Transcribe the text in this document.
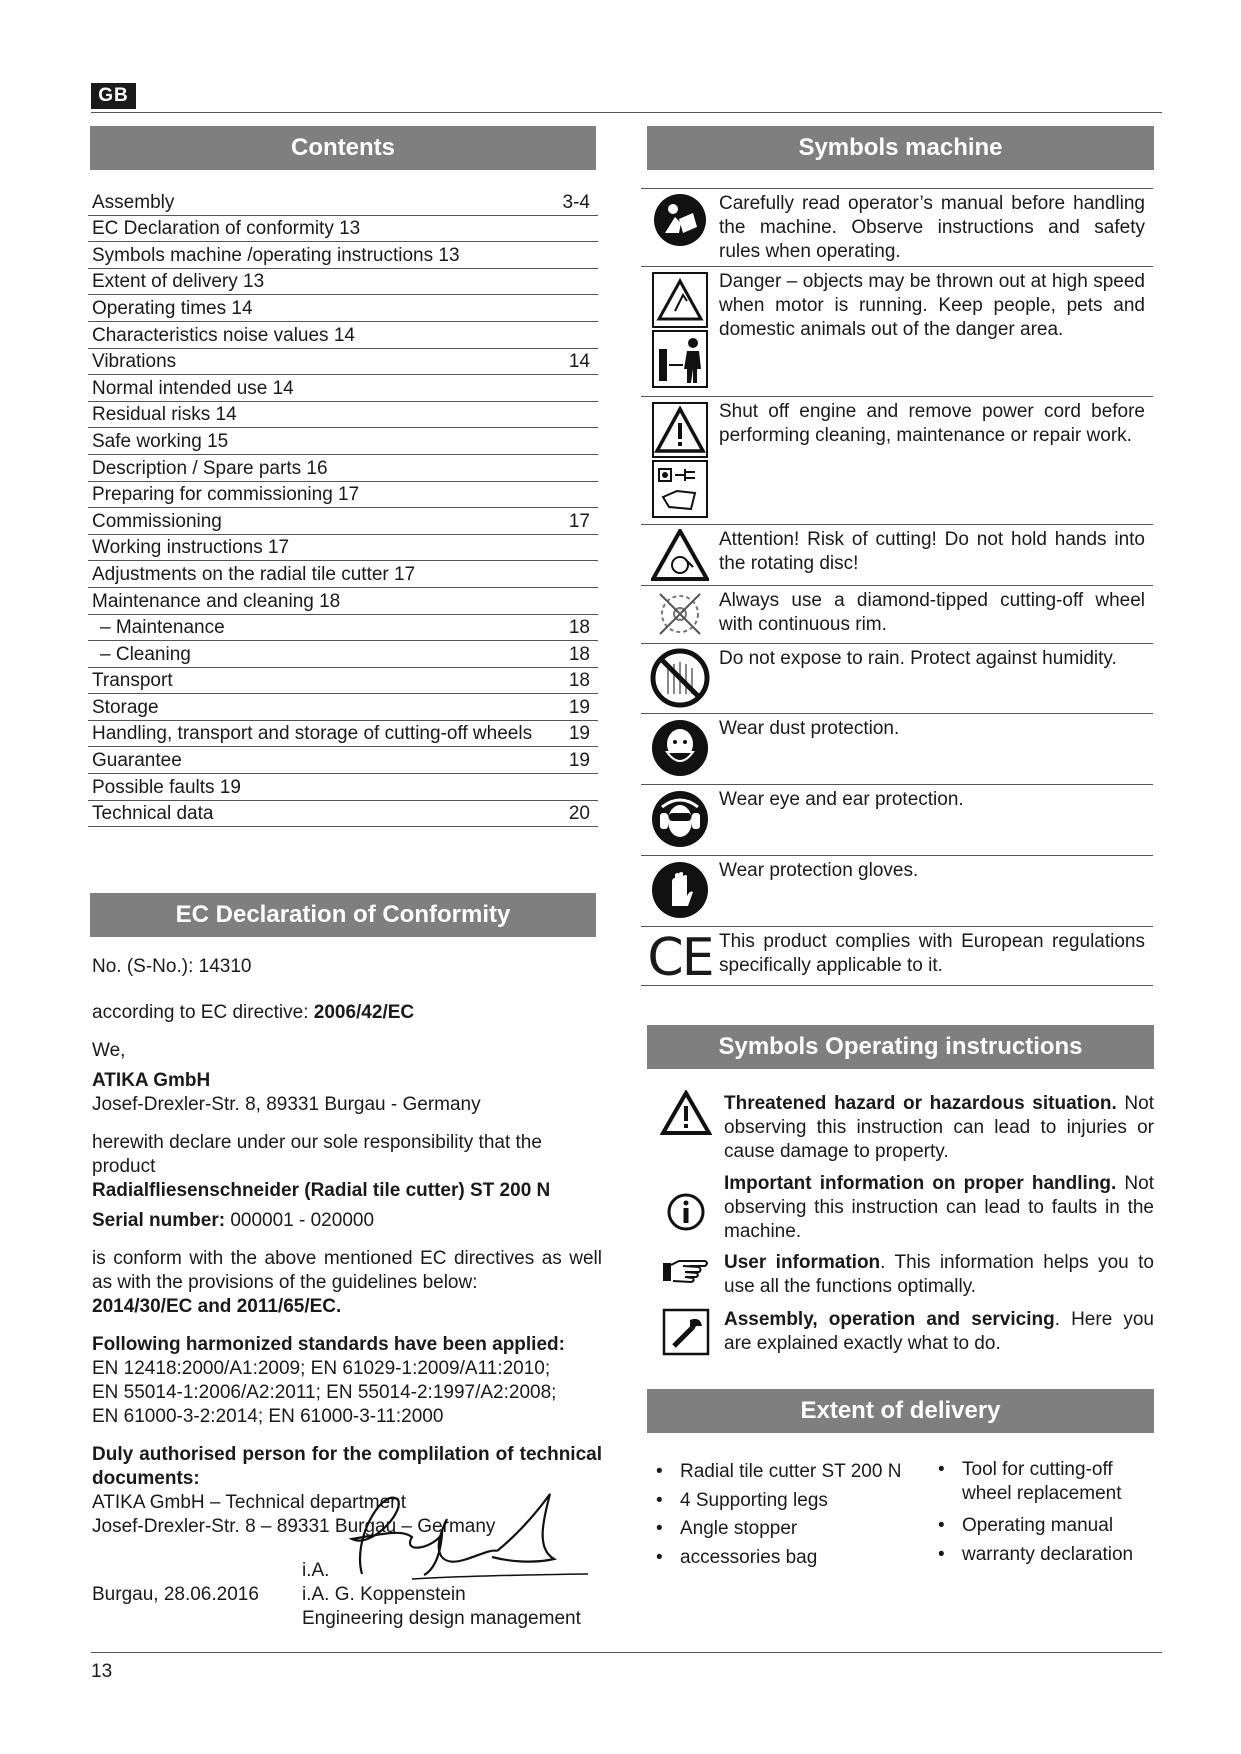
GB
Contents
Assembly	3-4
EC Declaration of conformity 13
Symbols machine /operating instructions 13
Extent of delivery 13
Operating times 14
Characteristics noise values 14
Vibrations	14
Normal intended use 14
Residual risks 14
Safe working 15
Description / Spare parts 16
Preparing for commissioning 17
Commissioning	17
Working instructions 17
Adjustments on the radial tile cutter 17
Maintenance and cleaning 18
– Maintenance	18
– Cleaning	18
Transport	18
Storage	19
Handling, transport and storage of cutting-off wheels 19
Guarantee	19
Possible faults 19
Technical data	20
EC Declaration of Conformity

No. (S-No.): 14310

according to EC directive: 2006/42/EC

We,

ATIKA GmbH

Josef-Drexler-Str. 8, 89331 Burgau - Germany

herewith declare under our sole responsibility that the product

Radialfliesenschneider (Radial tile cutter) ST 200 N

Serial number: 000001 - 020000

is conform with the above mentioned EC directives as well as with the provisions of the guidelines below:

2014/30/EC and 2011/65/EC.

Following harmonized standards have been applied:

EN 12418:2000/A1:2009; EN 61029-1:2009/A11:2010;

EN 55014-1:2006/A2:2011; EN 55014-2:1997/A2:2008;

EN 61000-3-2:2014; EN 61000-3-11:2000

Duly authorised person for the complilation of technical documents:

ATIKA GmbH – Technical department

Josef-Drexler-Str. 8 – 89331 Burgau – Germany

i.A.
Burgau, 28.06.2016 i.A. G. Koppenstein
Engineering design management
Symbols machine
Carefully read operator’s manual before handling the machine. Observe instructions and safety rules when operating.
Danger – objects may be thrown out at high speed when motor is running. Keep people, pets and domestic animals out of the danger area.
Shut off engine and remove power cord before performing cleaning, maintenance or repair work.
Attention! Risk of cutting! Do not hold hands into the rotating disc!
Always use a diamond-tipped cutting-off wheel with continuous rim.
Do not expose to rain. Protect against humidity.
Wear dust protection.
Wear eye and ear protection.
Wear protection gloves.
CE This product complies with European regulations specifically applicable to it.
Symbols Operating instructions
Threatened hazard or hazardous situation. Not observing this instruction can lead to injuries or cause damage to property.
Important information on proper handling. Not observing this instruction can lead to faults in the machine.
User information. This information helps you to use all the functions optimally.
Assembly, operation and servicing. Here you are explained exactly what to do.
Extent of delivery
• Radial tile cutter ST 200 N
• 4 Supporting legs
• Angle stopper
• accessories bag
• Tool for cutting-off
wheel replacement
• Operating manual
• warranty declaration
13
